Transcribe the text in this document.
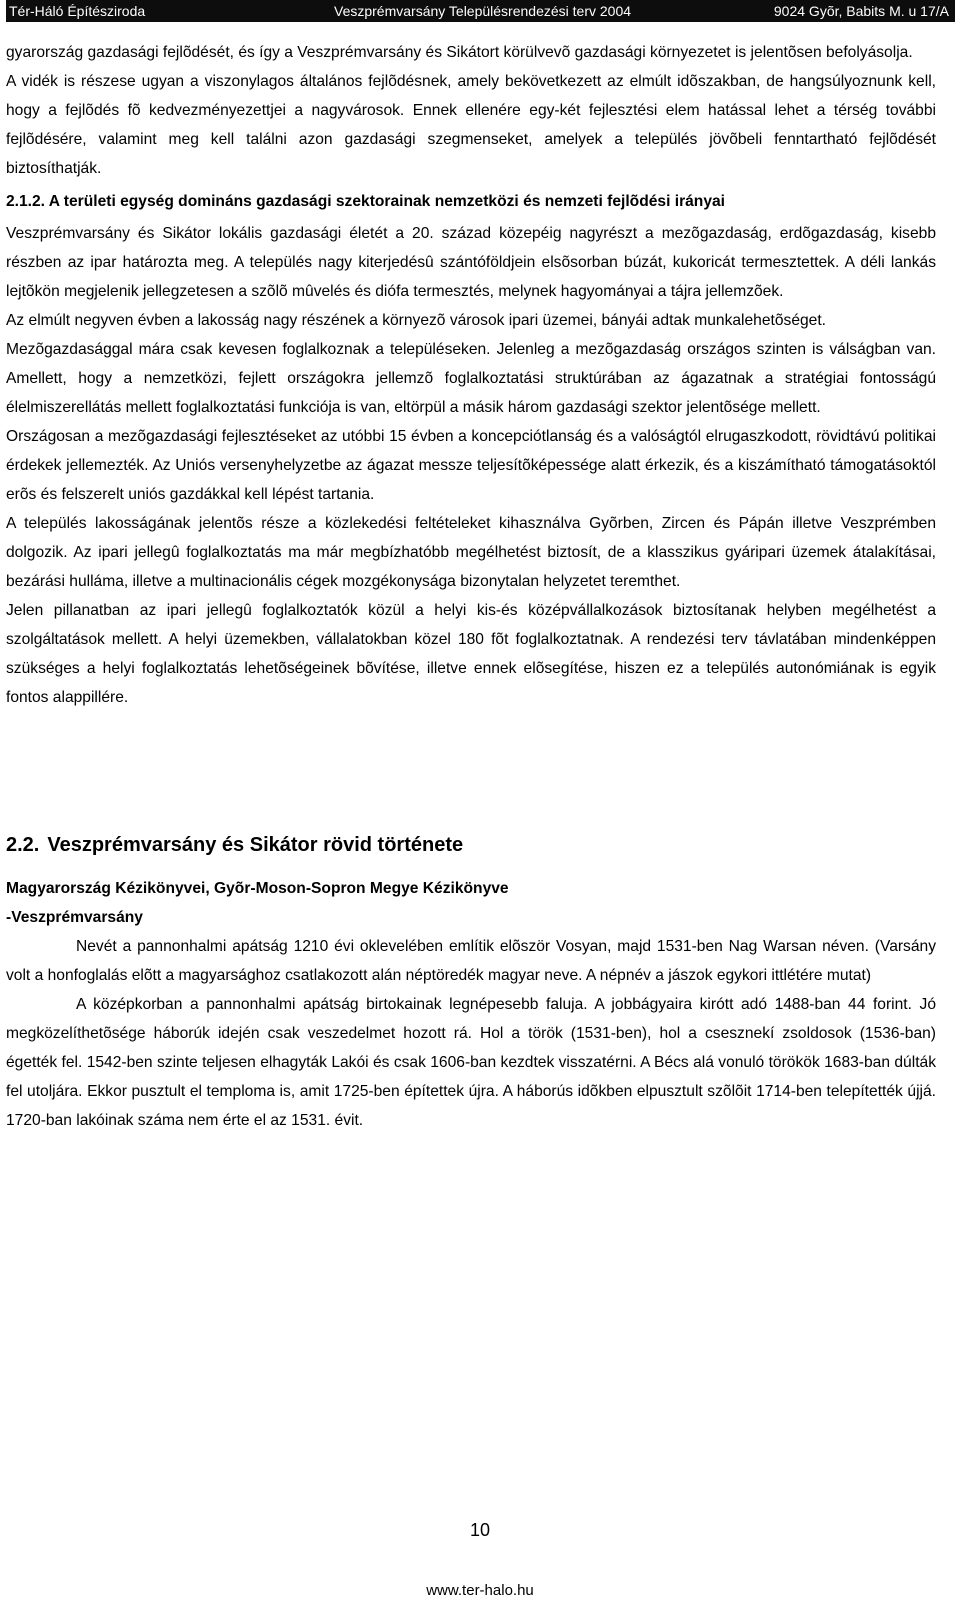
Tér-Háló Építésziroda	Veszprémvarsány Településrendezési terv 2004	9024 Gyõr, Babits M. u 17/A

gyarország gazdasági fejlõdését, és így a Veszprémvarsány és Sikátort körülvevõ gazdasági környezetet is jelentõsen befolyásolja.

A vidék is részese ugyan a viszonylagos általános fejlõdésnek, amely bekövetkezett az elmúlt idõszakban, de hangsúlyoznunk kell, hogy a fejlõdés fõ kedvezményezettjei a nagyvárosok. Ennek ellenére egy-két fejlesztési elem hatással lehet a térség további fejlõdésére, valamint meg kell találni azon gazdasági szegmenseket, amelyek a település jövõbeli fenntartható fejlõdését biztosíthatják.

2.1.2. A területi egység domináns gazdasági szektorainak nemzetközi és nemzeti fejlõdési irányai

Veszprémvarsány és Sikátor lokális gazdasági életét a 20. század közepéig nagyrészt a mezõgazdaság, erdõgazdaság, kisebb részben az ipar határozta meg. A település nagy kiterjedésû szántóföldjein elsõsorban búzát, kukoricát termesztettek. A déli lankás lejtõkön megjelenik jellegzetesen a szõlõ mûvelés és diófa termesztés, melynek hagyományai a tájra jellemzõek.

Az elmúlt negyven évben a lakosság nagy részének a környezõ városok ipari üzemei, bányái adtak munkalehetõséget.

Mezõgazdasággal mára csak kevesen foglalkoznak a településeken. Jelenleg a mezõgazdaság országos szinten is válságban van. Amellett, hogy a nemzetközi, fejlett országokra jellemzõ foglalkoztatási struktúrában az ágazatnak a stratégiai fontosságú élelmiszerellátás mellett foglalkoztatási funkciója is van, eltörpül a másik három gazdasági szektor jelentõsége mellett.

Országosan a mezõgazdasági fejlesztéseket az utóbbi 15 évben a koncepciótlanság és a valóságtól elrugaszkodott, rövidtávú politikai érdekek jellemezték. Az Uniós versenyhelyzetbe az ágazat messze teljesítõképessége alatt érkezik, és a kiszámítható támogatásoktól erõs és felszerelt uniós gazdákkal kell lépést tartania.

A település lakosságának jelentõs része a közlekedési feltételeket kihasználva Gyõrben, Zircen és Pápán illetve Veszprémben dolgozik. Az ipari jellegû foglalkoztatás ma már megbízhatóbb megélhetést biztosít, de a klasszikus gyáripari üzemek átalakításai, bezárási hulláma, illetve a multinacionális cégek mozgékonysága bizonytalan helyzetet teremthet.

Jelen pillanatban az ipari jellegû foglalkoztatók közül a helyi kis-és középvállalkozások biztosítanak helyben megélhetést a szolgáltatások mellett. A helyi üzemekben, vállalatokban közel 180 fõt foglalkoztatnak. A rendezési terv távlatában mindenképpen szükséges a helyi foglalkoztatás lehetõségeinek bõvítése, illetve ennek elõsegítése, hiszen ez a település autonómiának is egyik fontos alappillére.

2.2. Veszprémvarsány és Sikátor rövid története

Magyarország Kézikönyvei, Gyõr-Moson-Sopron Megye Kézikönyve

-Veszprémvarsány

Nevét a pannonhalmi apátság 1210 évi oklevelében említik elõször Vosyan, majd 1531-ben Nag Warsan néven. (Varsány volt a honfoglalás elõtt a magyarsághoz csatlakozott alán néptöredék magyar neve. A népnév a jászok egykori ittlétére mutat)

A középkorban a pannonhalmi apátság birtokainak legnépesebb faluja. A jobbágyaira kirótt adó 1488-ban 44 forint. Jó megközelíthetõsége háborúk idején csak veszedelmet hozott rá. Hol a török (1531-ben), hol a csesznekí zsoldosok (1536-ban) égették fel. 1542-ben szinte teljesen elhagyták Lakói és csak 1606-ban kezdtek visszatérni. A Bécs alá vonuló törökök 1683-ban dúlták fel utoljára. Ekkor pusztult el temploma is, amit 1725-ben építettek újra. A háborús idõkben elpusztult szõlõit 1714-ben telepítették újjá. 1720-ban lakóinak száma nem érte el az 1531. évit.

10
www.ter-halo.hu
